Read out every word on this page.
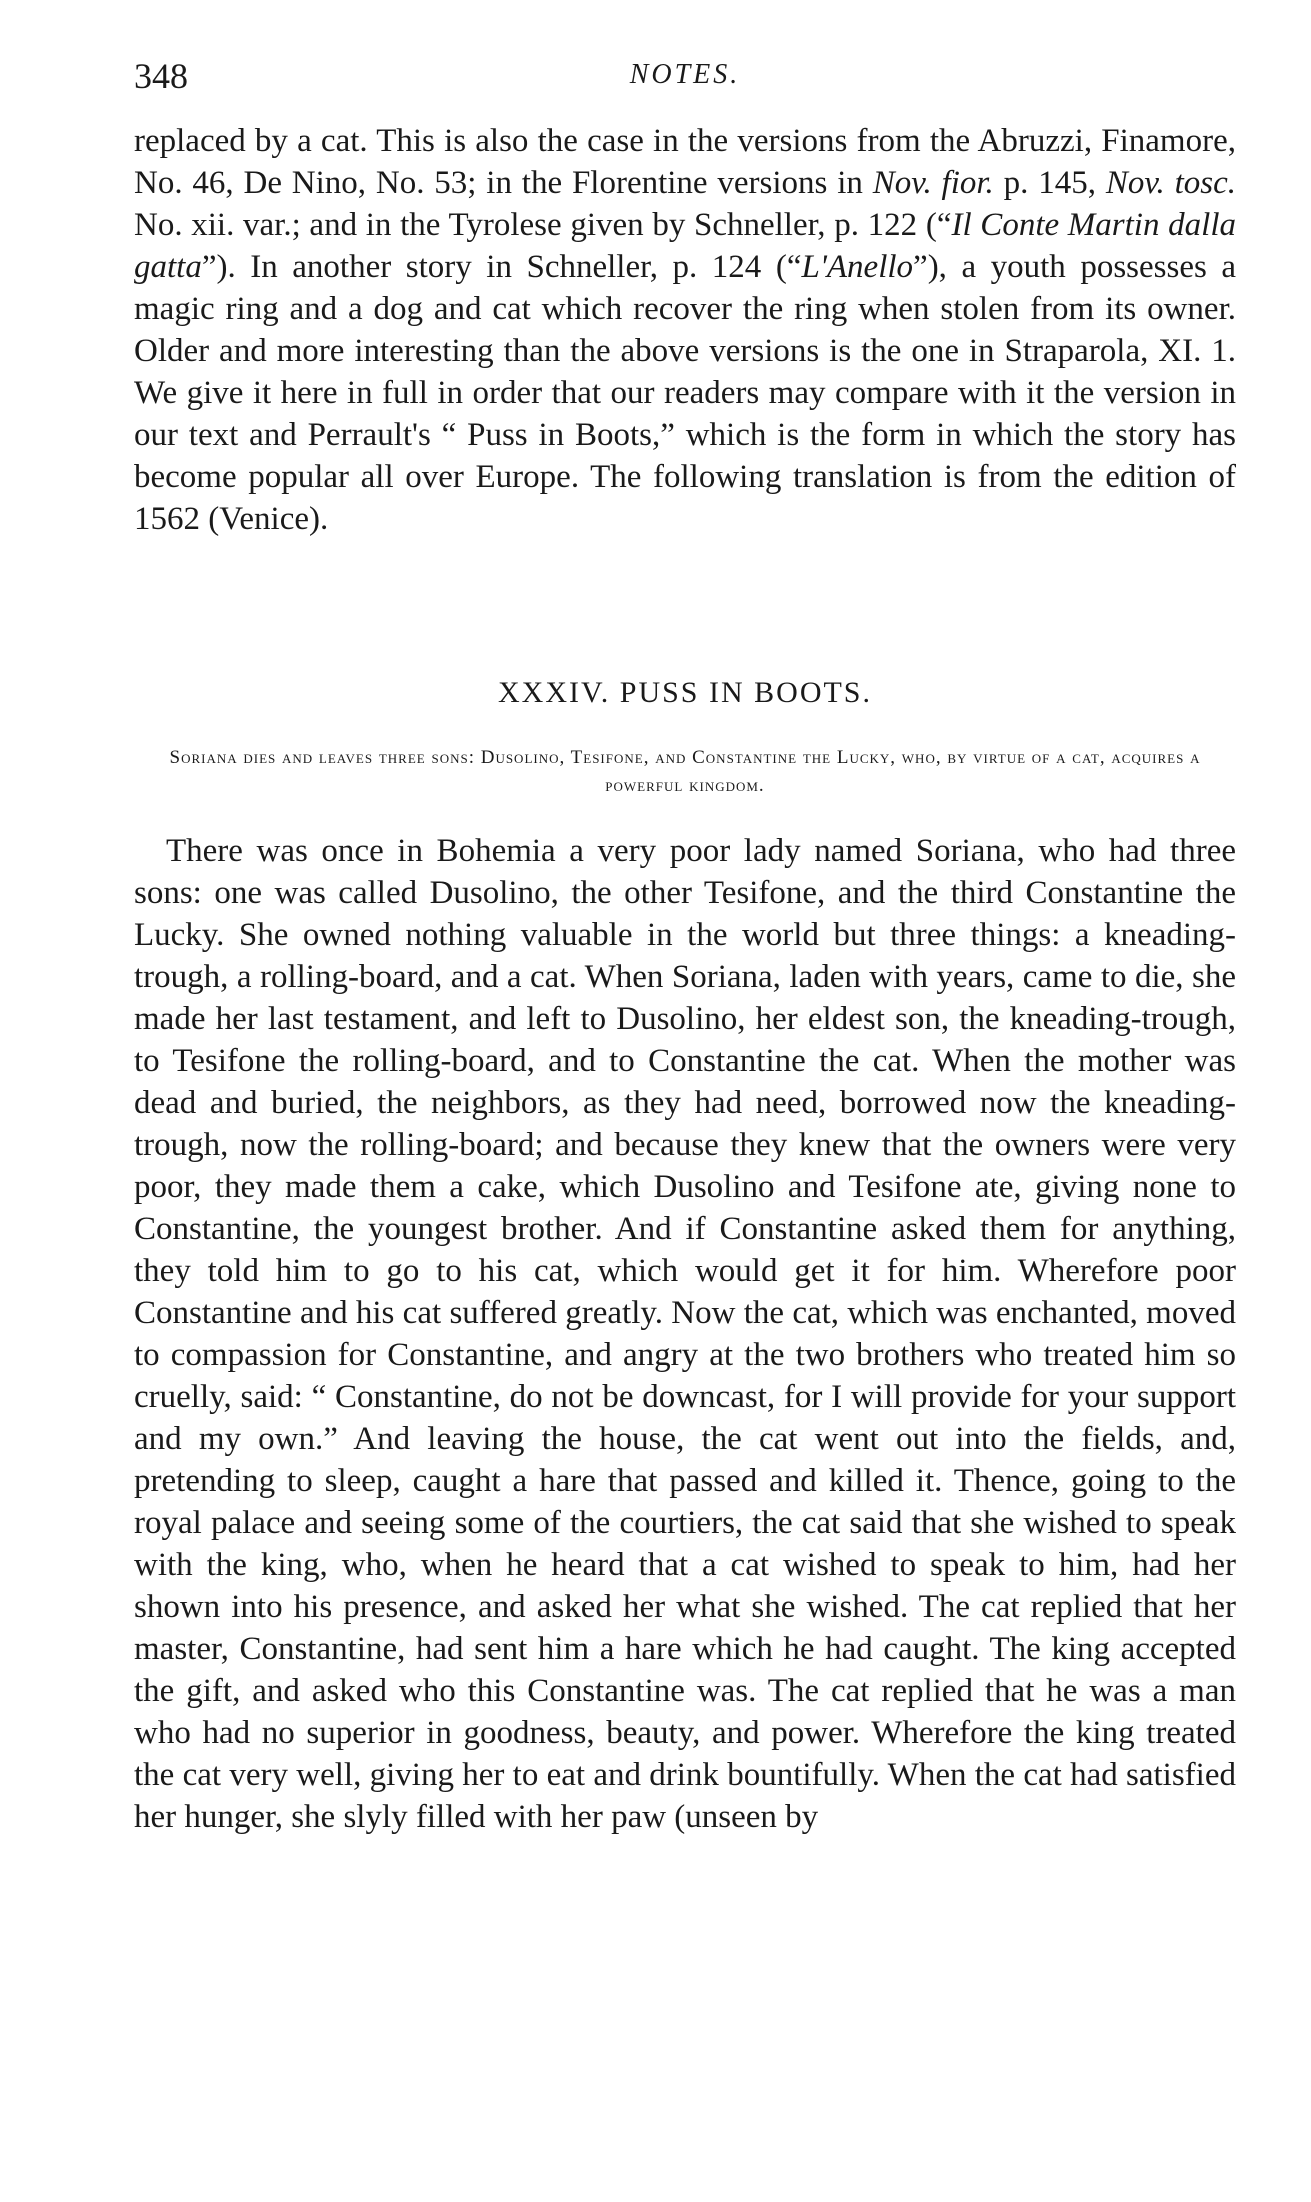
348	NOTES.

replaced by a cat. This is also the case in the versions from the Abruzzi, Finamore, No. 46, De Nino, No. 53; in the Florentine versions in Nov. fior. p. 145, Nov. tosc. No. xii. var.; and in the Tyrolese given by Schneller, p. 122 (“Il Conte Martin dalla gatta”). In another story in Schneller, p. 124 (“L'Anello”), a youth possesses a magic ring and a dog and cat which recover the ring when stolen from its owner. Older and more interesting than the above versions is the one in Straparola, XI. 1. We give it here in full in order that our readers may compare with it the version in our text and Perrault's “ Puss in Boots,” which is the form in which the story has become popular all over Europe. The following translation is from the edition of 1562 (Venice).

XXXIV. PUSS IN BOOTS.
Soriana dies and leaves three sons: Dusolino, Tesifone, and Constantine the Lucky, who, by virtue of a cat, acquires a powerful kingdom.

There was once in Bohemia a very poor lady named Soriana, who had three sons: one was called Dusolino, the other Tesifone, and the third Constantine the Lucky. She owned nothing valuable in the world but three things: a kneading-trough, a rolling-board, and a cat. When Soriana, laden with years, came to die, she made her last testament, and left to Dusolino, her eldest son, the kneading-trough, to Tesifone the rolling-board, and to Constantine the cat. When the mother was dead and buried, the neighbors, as they had need, borrowed now the kneading-trough, now the rolling-board; and because they knew that the owners were very poor, they made them a cake, which Dusolino and Tesifone ate, giving none to Constantine, the youngest brother. And if Constantine asked them for anything, they told him to go to his cat, which would get it for him. Wherefore poor Constantine and his cat suffered greatly. Now the cat, which was enchanted, moved to compassion for Constantine, and angry at the two brothers who treated him so cruelly, said: “ Constantine, do not be downcast, for I will provide for your support and my own.” And leaving the house, the cat went out into the fields, and, pretending to sleep, caught a hare that passed and killed it. Thence, going to the royal palace and seeing some of the courtiers, the cat said that she wished to speak with the king, who, when he heard that a cat wished to speak to him, had her shown into his presence, and asked her what she wished. The cat replied that her master, Constantine, had sent him a hare which he had caught. The king accepted the gift, and asked who this Constantine was. The cat replied that he was a man who had no superior in goodness, beauty, and power. Wherefore the king treated the cat very well, giving her to eat and drink bountifully. When the cat had satisfied her hunger, she slyly filled with her paw (unseen by
